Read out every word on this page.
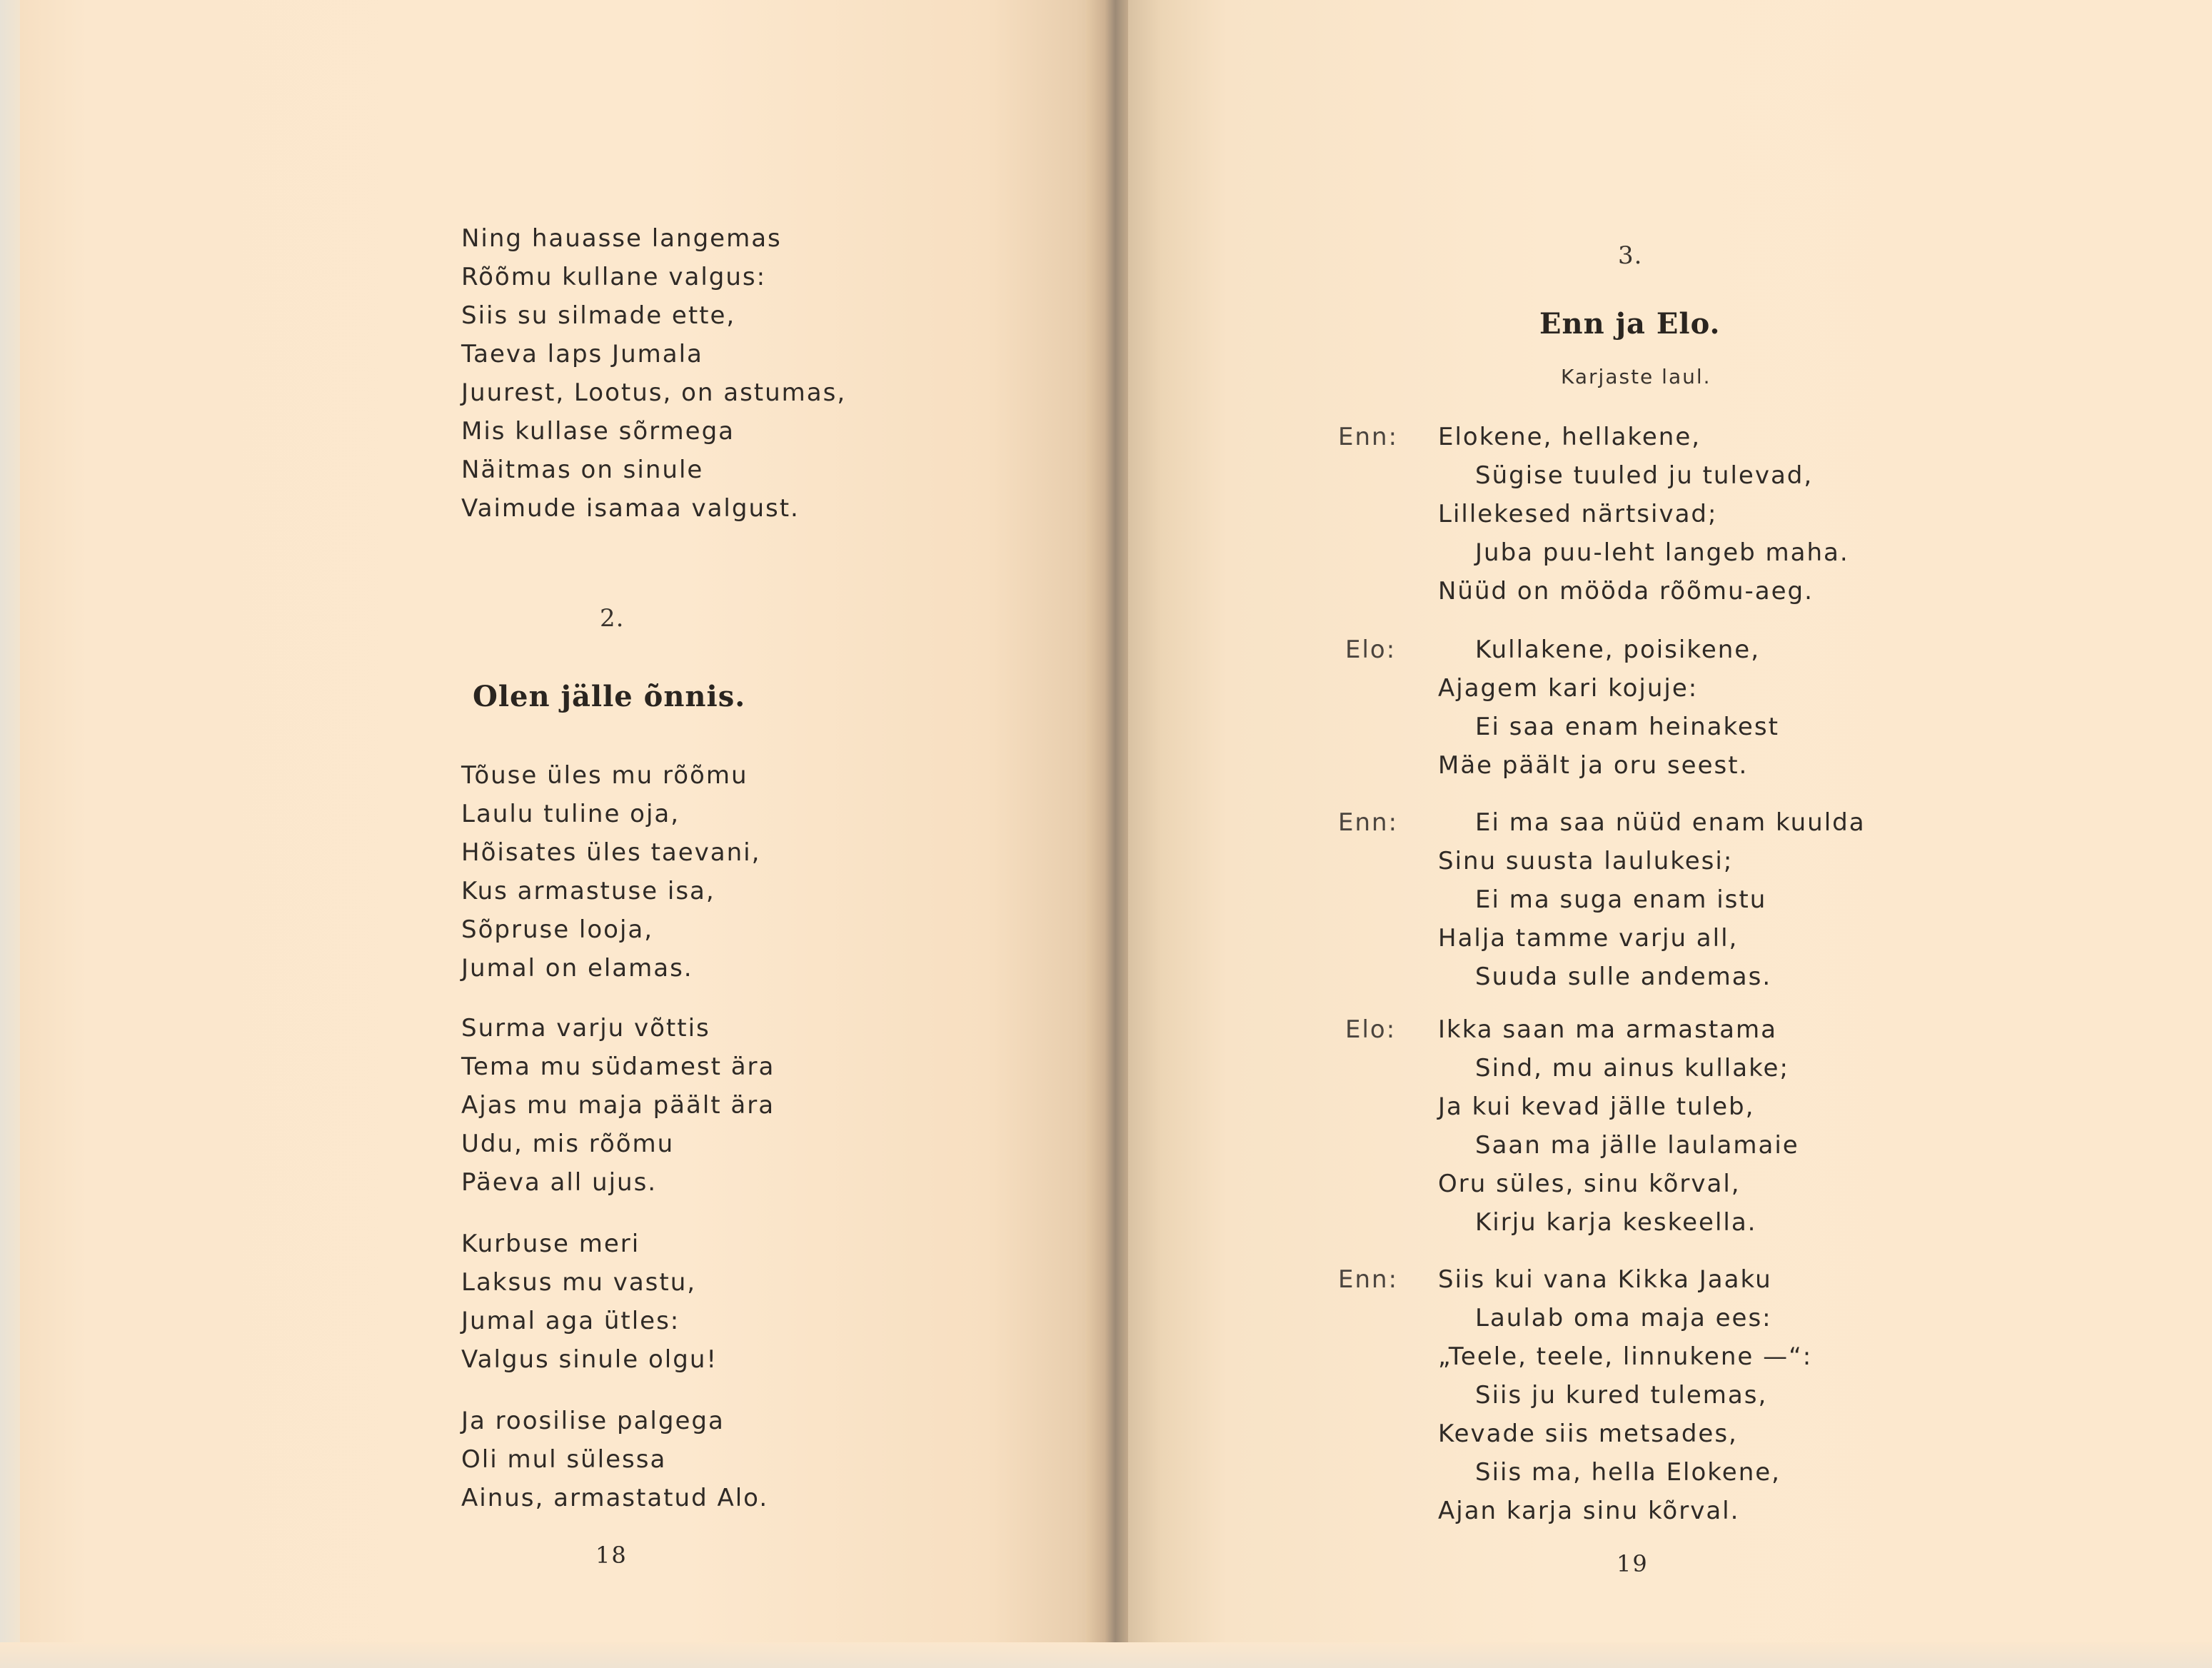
Ning hauasse langemas
Rõõmu kullane valgus:
Siis su silmade ette,
Taeva laps Jumala
Juurest, Lootus, on astumas,
Mis kullase sõrmega
Näitmas on sinule
Vaimude isamaa valgust.
2.
Olen jälle õnnis.
Tõuse üles mu rõõmu
Laulu tuline oja,
Hõisates üles taevani,
Kus armastuse isa,
Sõpruse looja,
Jumal on elamas.
Surma varju võttis
Tema mu südamest ära
Ajas mu maja päält ära
Udu, mis rõõmu
Päeva all ujus.
Kurbuse meri
Laksus mu vastu,
Jumal aga ütles:
Valgus sinule olgu!
Ja roosilise palgega
Oli mul sülessa
Ainus, armastatud Alo.
18
3.
Enn ja Elo.
Karjaste laul.
Enn: Elokene, hellakene,
Sügise tuuled ju tulevad,
Lillekesed närtsivad;
Juba puu-leht langeb maha.
Nüüd on mööda rõõmu-aeg.
Elo:	Kullakene, poisikene,
Ajagem kari kojuje:
Ei saa enam heinakest
Mäe päält ja oru seest.
Enn:	Ei ma saa nüüd enam kuulda
Sinu suusta laulukesi;
Ei ma suga enam istu
Halja tamme varju all,
Suuda sulle andemas.
Elo: Ikka saan ma armastama
Sind, mu ainus kullake;
Ja kui kevad jälle tuleb,
Saan ma jälle laulamaie
Oru süles, sinu kõrval,
Kirju karja keskeella.
Enn: Siis kui vana Kikka Jaaku
Laulab oma maja ees:
„Teele, teele, linnukene —“:
Siis ju kured tulemas,
Kevade siis metsades,
Siis ma, hella Elokene,
Ajan karja sinu kõrval.
19
